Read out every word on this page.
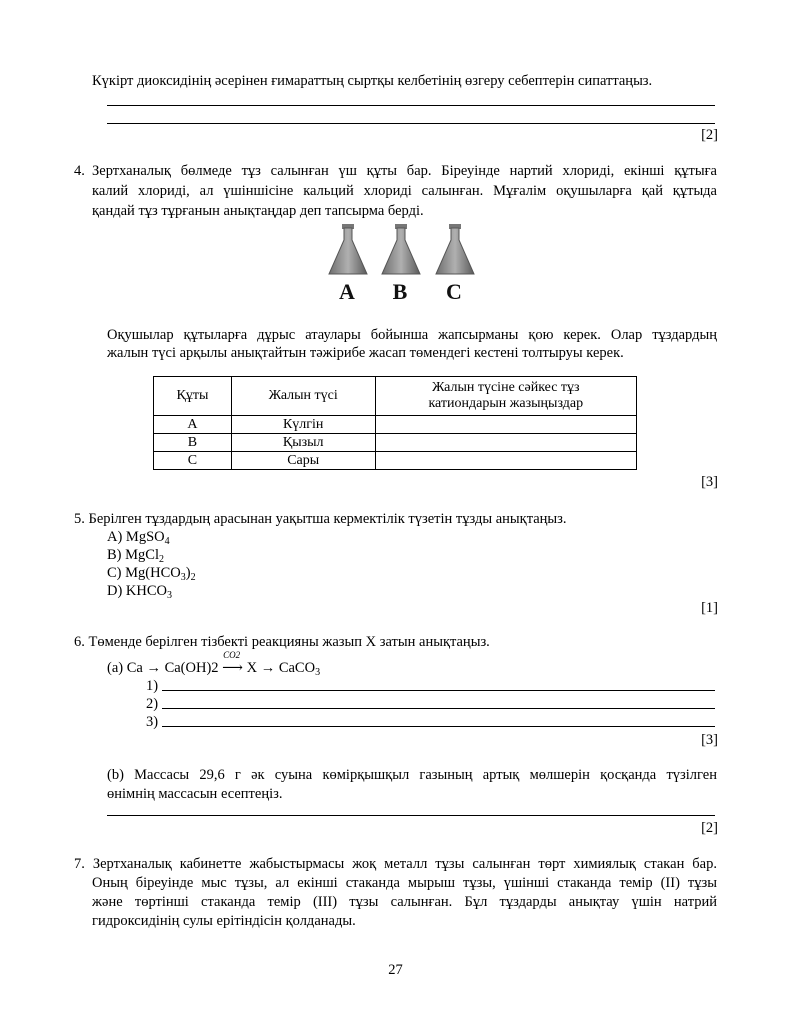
Күкірт диоксидінің әсерінен ғимараттың сыртқы келбетінің өзгеру себептерін сипаттаңыз.
[2]
4. Зертханалық бөлмеде тұз салынған үш құты бар. Біреуінде нартий хлориді, екінші құтыға
калий хлориді, ал үшіншісіне кальций хлориді салынған. Мұғалім оқушыларға қай құтыда
қандай тұз тұрғанын анықтаңдар деп тапсырма берді.
A B C
Оқушылар құтыларға дұрыс атаулары бойынша жапсырманы қою керек. Олар тұздардың
жалын түсі арқылы анықтайтын тәжірибе жасап төмендегі кестені толтыруы керек.
Құты	Жалын түсі	Жалын түсіне сәйкес тұз
катиондарын жазыңыздар
A	Күлгін	
B	Қызыл	
C	Сары	
[3]
5. Берілген тұздардың арасынан уақытша кермектілік түзетін тұзды анықтаңыз.
A) MgSO$_4$
B) MgCl$_2$
C) $Mg(HCO_3)_2$
D) $KHCO_3$
[1]
6. Төменде берілген тізбекті реакцияны жазып X затын анықтаңыз.
(a) Ca → Ca(OH)2
CO2
⟶ X → CaCO$_3$
1)
2)
3)
[3]
(b) Массасы 29,6 г әк суына көмірқышқыл газының артық мөлшерін қосқанда түзілген
өнімнің массасын есептеңіз.
[2]
7. Зертханалық кабинетте жабыстырмасы жоқ металл тұзы салынған төрт химиялық стакан бар.
Оның біреуінде мыс тұзы, ал екінші стаканда мырыш тұзы, үшінші стаканда темір (II) тұзы
және төртінші стаканда темір (III) тұзы салынған. Бұл тұздарды анықтау үшін натрий
гидроксидінің сулы ерітіндісін қолданады.
27
